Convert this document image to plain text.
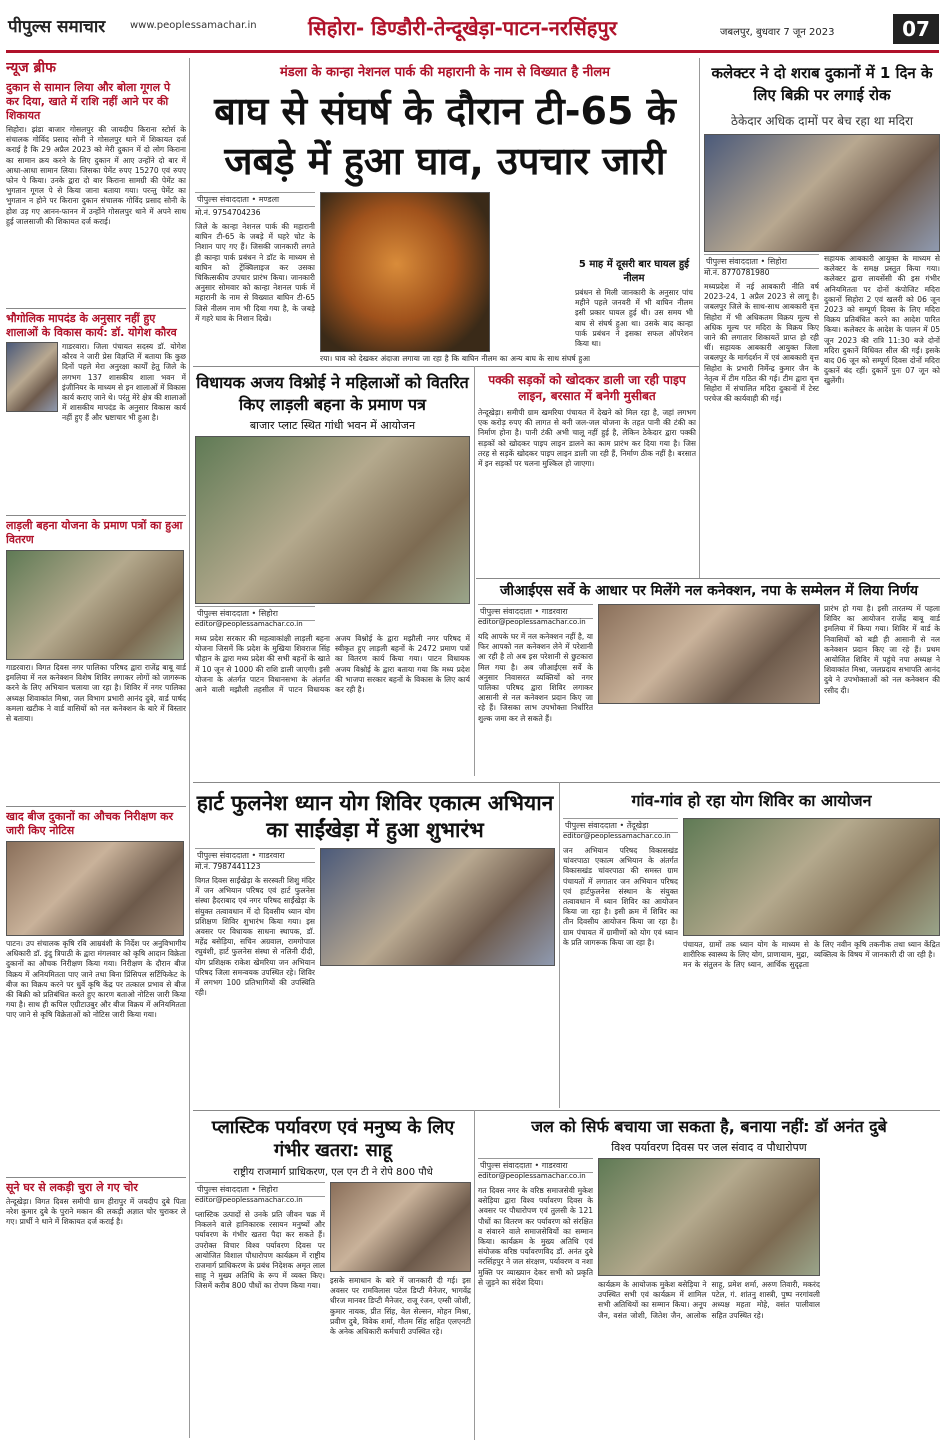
पीपुल्स समाचार www.peoplessamachar.in	सिहोरा- डिण्डौरी-तेन्दूखेड़ा-पाटन-नरसिंहपुर	जबलपुर, बुधवार 7 जून 2023	07
न्यूज ब्रीफ
दुकान से सामान लिया और बोला गूगल पे कर दिया, खाते में राशि नहीं आने पर की शिकायत
सिहोरा। झंडा बाजार गोसलपुर की जायदीप किराना स्टोर्स के संचालक गोविंद प्रसाद सोनी ने गोसलपुर थाने में शिकायत दर्ज कराई है कि 29 अप्रैल 2023 को मेरी दुकान में दो लोग किराना का सामान क्रय करने के लिए दुकान में आए उन्होंने दो बार में आधा-आधा सामान लिया। जिसका पेमेंट रुपए 15270 एवं रुपए फोन पे किया। उनके द्वारा दो बार किराना सामग्री की पेमेंट का भुगतान गूगल पे से किया जाना बताया गया। परन्तु पेमेंट का भुगतान न होने पर किराना दुकान संचालक गोविंद प्रसाद सोनी के होश उड़ गए आनन-फानन में उन्होंने गोसलपुर थाने में अपने साथ हुई जालसाजी की शिकायत दर्ज कराई।
भौगोलिक मापदंड के अनुसार नहीं हुए शालाओं के विकास कार्य: डॉ. योगेश कौरव
गाडरवारा। जिला पंचायत सदस्य डॉ. योगेश कौरव ने जारी प्रेस विज्ञप्ति में बताया कि कुछ दिनों पहले मेरा अनुरक्षा कार्यों हेतु जिले के लगभग 137 शासकीय शाला भवन में इंजीनियर के माध्यम से इन शालाओं में विकास कार्य कराए जाने थे। परंतु मेरे क्षेत्र की शालाओं में शासकीय मापदंड के अनुसार विकास कार्य नहीं हुए हैं और भ्रष्टाचार भी हुआ है।
लाड़ली बहना योजना के प्रमाण पत्रों का हुआ वितरण
गाडरवारा। विगत दिवस नगर पालिका परिषद द्वारा राजेंद्र बाबू वार्ड इमलिया में नल कनेक्शन विशेष शिविर लगाकर लोगों को जागरूक करने के लिए अभियान चलाया जा रहा है। शिविर में नगर पालिका अध्यक्ष शिवाकांत मिश्रा, जल विभाग प्रभारी आनंद दुबे, वार्ड पार्षद कमला खटीक ने वार्ड वासियों को नल कनेक्शन के बारे में विस्तार से बताया।
खाद बीज दुकानों का औचक निरीक्षण कर जारी किए नोटिस
पाटन। उप संचालक कृषि रवि आम्रवंशी के निर्देश पर अनुविभागीय अधिकारी डॉ. इंदु त्रिपाठी के द्वारा मंगलवार को कृषि आदान विक्रेता दुकानों का औचक निरीक्षण किया गया। निरीक्षण के दौरान बीज विक्रय में अनियमितता पाए जाने तथा बिना प्रिंसिपल सर्टिफिकेट के बीज का विक्रय करने पर धुर्वे कृषि केंद्र पर तत्काल प्रभाव से बीज की बिक्री को प्रतिबंधित करते हुए कारण बताओ नोटिस जारी किया गया है। साथ ही कपिल एग्रीटाउबुर और बीज विक्रय में अनियमितता पाए जाने से कृषि विक्रेताओं को नोटिस जारी किया गया।
सूने घर से लकड़ी चुरा ले गए चोर
तेन्दूखेड़ा। विगत दिवस समीपी ग्राम हीरापुर में जयदीप दुबे पिता नरेश कुमार दुबे के पुराने मकान की लकड़ी अज्ञात चोर चुराकर ले गए। प्रार्थी ने थाने में शिकायत दर्ज कराई है।
मंडला के कान्हा नेशनल पार्क की महारानी के नाम से विख्यात है नीलम
बाघ से संघर्ष के दौरान टी-65 के जबड़े में हुआ घाव, उपचार जारी
पीपुल्स संवाददाता • मण्डला
मो.नं. 9754704236
जिले के कान्हा नेशनल पार्क की महारानी बाघिन टी-65 के जबड़े में घहरे चोट के निशान पाए गए हैं। जिसकी जानकारी लगते ही कान्हा पार्क प्रबंधन ने डॉट के माध्यम से बाघिन को ट्रेंक्विलाइज कर उसका चिकित्सकीय उपचार प्रारंभ किया। जानकारी अनुसार सोमवार को कान्हा नेशनल पार्क में महारानी के नाम से विख्यात बाघिन टी-65 जिसे नीलम नाम भी दिया गया है, के जबड़े में गहरे घाव के निशान दिखे।
रया। घाव को देखकर अंदाजा लगाया जा रहा है कि बाघिन नीलम का अन्य बाघ के साथ संघर्ष हुआ
5 माह में दूसरी बार घायल हुई नीलम
प्रबंधन से मिली जानकारी के अनुसार पांच महीने पहले जनवरी में भी बाघिन नीलम इसी प्रकार घायल हुई थी। उस समय भी बाघ से संघर्ष हुआ था। उसके बाद कान्हा पार्क प्रबंधन ने इसका सफल ऑपरेशन किया था।
कलेक्टर ने दो शराब दुकानों में 1 दिन के लिए बिक्री पर लगाई रोक
ठेकेदार अधिक दामों पर बेच रहा था मदिरा
पीपुल्स संवाददाता • सिहोरा
मो.नं. 8770781980
मध्यप्रदेश में नई आबकारी नीति वर्ष 2023-24, 1 अप्रैल 2023 से लागू है। जबलपुर जिले के साथ-साथ आबकारी वृत्त सिहोरा में भी अधिकतम विक्रय मूल्य से अधिक मूल्य पर मदिरा के विक्रय किए जाने की लगातार शिकायतें प्राप्त हो रही थीं। सहायक आबकारी आयुक्त जिला जबलपुर के मार्गदर्शन में एवं आबकारी वृत्त सिहोरा के प्रभारी निर्मेन्द्र कुमार जैन के नेतृत्व में टीम गठित की गई। टीम द्वारा वृत्त सिहोरा में संचालित मदिरा दुकानों में टेस्ट परचेज की कार्यवाही की गई।
सहायक आबकारी आयुक्त के माध्यम से कलेक्टर के समक्ष प्रस्तुत किया गया। कलेक्टर द्वारा लायसेंसी की इस गंभीर अनियमितता पर दोनों कंपोजिट मदिरा दुकानों सिहोरा 2 एवं खलरी को 06 जून 2023 को सम्पूर्ण दिवस के लिए मदिरा विक्रय प्रतिबंधित करने का आदेश पारित किया। कलेक्टर के आदेश के पालन में 05 जून 2023 की रात्रि 11:30 बजे दोनों मदिरा दुकानें विधिवत सील की गईं। इसके बाद 06 जून को सम्पूर्ण दिवस दोनों मदिरा दुकानें बंद रहीं। दुकानें पुनः 07 जून को खुलेंगी।
विधायक अजय विश्नोई ने महिलाओं को वितरित किए लाड़ली बहना के प्रमाण पत्र
बाजार प्लाट स्थित गांधी भवन में आयोजन
पीपुल्स संवाददाता • सिहोरा
editor@peoplessamachar.co.in
मध्य प्रदेश सरकार की महत्वाकांक्षी लाड़ली बहना योजना जिसमें कि प्रदेश के मुखिया शिवराज सिंह चौहान के द्वारा मध्य प्रदेश की सभी बहनों के खाते में 10 जून से 1000 की राशि डाली जाएगी। इसी योजना के अंतर्गत पाटन विधानसभा के अंतर्गत आने वाली मझौली तहसील में पाटन विधायक अजय विश्नोई के द्वारा मझौली नगर परिषद में स्वीकृत हुए लाड़ली बहनों के 2472 प्रमाण पत्रों का वितरण कार्य किया गया। पाटन विधायक अजय विश्नोई के द्वारा बताया गया कि मध्य प्रदेश की भाजपा सरकार बहनों के विकास के लिए कार्य कर रही है।
पक्की सड़कों को खोदकर डाली जा रही पाइप लाइन, बरसात में बनेगी मुसीबत
तेन्दूखेड़ा। समीपी ग्राम खमरिया पंचायत में देखने को मिल रहा है, जहां लगभग एक करोड़ रुपए की लागत से बनी जल-जल योजना के तहत पानी की टंकी का निर्माण होना है। पानी टंकी अभी चालू नहीं हुई है, लेकिन ठेकेदार द्वारा पक्की सड़कों को खोदकर पाइप लाइन डालने का काम प्रारंभ कर दिया गया है। जिस तरह से सड़कें खोदकर पाइप लाइन डाली जा रही हैं, निर्माण ठीक नहीं है। बरसात में इन सड़कों पर चलना मुश्किल हो जाएगा।
जीआईएस सर्वे के आधार पर मिलेंगे नल कनेक्शन, नपा के सम्मेलन में लिया निर्णय
पीपुल्स संवाददाता • गाडरवारा
editor@peoplessamachar.co.in
यदि आपके घर में नल कनेक्शन नहीं है, या फिर आपको नल कनेक्शन लेने में परेशानी आ रही है तो अब इस परेशानी से छुटकारा मिल गया है। अब जीआईएस सर्वे के अनुसार निवासरत व्यक्तियों को नगर पालिका परिषद द्वारा शिविर लगाकर आसानी से नल कनेक्शन प्रदान किए जा रहे हैं। जिसका लाभ उपभोक्ता निर्धारित शुल्क जमा कर ले सकते हैं।
प्रारंभ हो गया है। इसी तारतम्य में पहला शिविर का आयोजन राजेंद्र बाबू वार्ड इमलिया में किया गया। शिविर में वार्ड के निवासियों को बड़ी ही आसानी से नल कनेक्शन प्रदान किए जा रहे हैं। प्रथम आयोजित शिविर में पहुंचे नपा अध्यक्ष ने शिवाकांत मिश्रा, जलप्रदाय सभापति आनंद दुबे ने उपभोक्ताओं को नल कनेक्शन की रसीद दी।
हार्ट फुलनेश ध्यान योग शिविर एकात्म अभियान का साईंखेड़ा में हुआ शुभारंभ
पीपुल्स संवाददाता • गाडरवारा
मो.नं. 7987441123
विगत दिवस साईंखेड़ा के सरस्वती शिशु मंदिर में जन अभियान परिषद एवं हार्ट फुलनेस संस्था हैदराबाद एवं नगर परिषद साईंखेड़ा के संयुक्त तत्वावधान में दो दिवसीय ध्यान योग प्रशिक्षण शिविर शुभारंभ किया गया। इस अवसर पर विधायक साधना स्थापक, डॉ. महेंद्र बसेड़िया, सचिन अग्रवाल, रामगोपाल रघुवंशी, हार्ट फुलनेस संस्था से नलिनी दीदी, योग प्रशिक्षक राकेश खेमरिया जन अभियान परिषद जिला समन्वयक उपस्थित रहे। शिविर में लगभग 100 प्रतिभागियों की उपस्थिति रही।
गांव-गांव हो रहा योग शिविर का आयोजन
पीपुल्स संवाददाता • तेंदूखेड़ा
editor@peoplessamachar.co.in
जन अभियान परिषद विकासखंड चांवरपाठा एकात्म अभियान के अंतर्गत विकासखंड चांवरपाठा की समस्त ग्राम पंचायतों में लगातार जन अभियान परिषद एवं हार्टफुलनेस संस्थान के संयुक्त तत्वावधान में ध्यान शिविर का आयोजन किया जा रहा है। इसी क्रम में शिविर का तीन दिवसीय आयोजन किया जा रहा है। ग्राम पंचायत में ग्रामीणों को योग एवं ध्यान के प्रति जागरूक किया जा रहा है।	पंचायत, ग्रामों तक ध्यान योग के माध्यम से शारीरिक स्वास्थ्य के लिए योग, प्राणायाम, मुद्रा, मन के संतुलन के लिए ध्यान, आर्थिक सुदृढ़ता के लिए नवीन कृषि तकनीक तथा ध्यान केंद्रित व्यक्तित्व के विषय में जानकारी दी जा रही है।
प्लास्टिक पर्यावरण एवं मनुष्य के लिए गंभीर खतरा: साहू
राष्ट्रीय राजमार्ग प्राधिकरण, एल एन टी ने रोपे 800 पौधे
पीपुल्स संवाददाता • सिहोरा
editor@peoplessamachar.co.in
प्लास्टिक उत्पादों से उनके प्रति जीवन चक्र में निकलने वाले हानिकारक रसायन मनुष्यों और पर्यावरण के गंभीर खतरा पैदा कर सकते हैं। उपरोक्त विचार विश्व पर्यावरण दिवस पर आयोजित विशाल पौधारोपण कार्यक्रम में राष्ट्रीय राजमार्ग प्राधिकरण के प्रबंध निदेशक अमृत लाल साहू ने मुख्य अतिथि के रूप में व्यक्त किए। जिसमें करीब 800 पौधों का रोपण किया गया।
इसके समाधान के बारे में जानकारी दी गई। इस अवसर पर रामविलास पटेल डिप्टी मैनेजर, भागवेंद्र धीरज मानवर डिप्टी मैनेजर, राजू रंजन, एम्सी जोशी, कुमार नायक, प्रीत सिंह, वेल सेल्सन, मोहन मिश्रा, प्रवीण दुबे, विवेक शर्मा, गौतम सिंह सहित एलएनटी के अनेक अधिकारी कर्मचारी उपस्थित रहे।
जल को सिर्फ बचाया जा सकता है, बनाया नहीं: डॉ अनंत दुबे
विश्व पर्यावरण दिवस पर जल संवाद व पौधारोपण
पीपुल्स संवाददाता • गाडरवारा
editor@peoplessamachar.co.in
गत दिवस नगर के वरिष्ठ समाजसेवी मुकेश बसेड़िया द्वारा विश्व पर्यावरण दिवस के अवसर पर पौधारोपण एवं तुलसी के 121 पौधों का वितरण कर पर्यावरण को संरक्षित व संवारने वाले समाजसेवियों का सम्मान किया। कार्यक्रम के मुख्य अतिथि एवं संयोजक वरिष्ठ पर्यावरणविद डॉ. अनंत दुबे नरसिंहपुर ने जल संरक्षण, पर्यावरण व नशा मुक्ति पर व्याख्यान देकर सभी को प्रकृति से जुड़ने का संदेश दिया।	कार्यक्रम के आयोजक मुकेश बसेड़िया ने उपस्थित सभी एवं कार्यक्रम में शामिल सभी अतिथियों का सम्मान किया। अनूप जैन, वसंत जोशी, जितेश जैन, आलोक साहू, प्रमेश शर्मा, अरुण तिवारी, मकरंद पटेल, गं. शांतनु शास्त्री, पुष्प नरगांवली अध्यक्ष महता मोहे, वसंत पालीवाल सहित उपस्थित रहे।
